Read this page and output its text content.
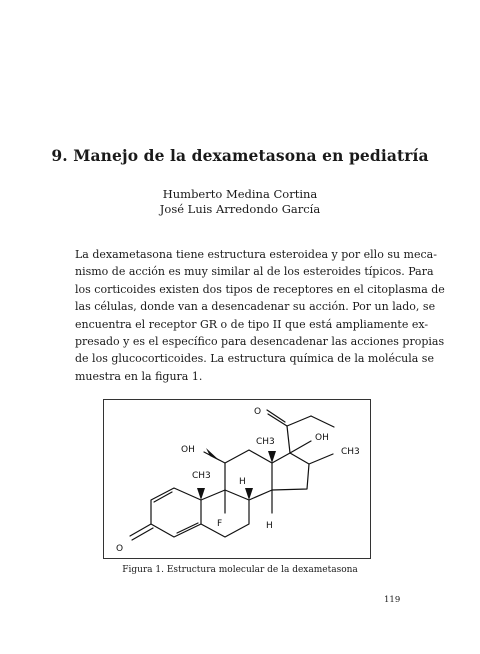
9. Manejo de la dexametasona en pediatría
Humberto Medina Cortina
José Luis Arredondo García
La dexametasona tiene estructura esteroidea y por ello su meca-
nismo de acción es muy similar al de los esteroides típicos. Para
los corticoides existen dos tipos de receptores en el citoplasma de
las células, donde van a desencadenar su acción. Por un lado, se
encuentra el receptor GR o de tipo II que está ampliamente ex-
presado y es el específico para desencadenar las acciones propias
de los glucocorticoides. La estructura química de la molécula se
muestra en la figura 1.
O
O
OH
OH
CH3
CH3
CH3
H
F	H
Figura 1. Estructura molecular de la dexametasona
119
